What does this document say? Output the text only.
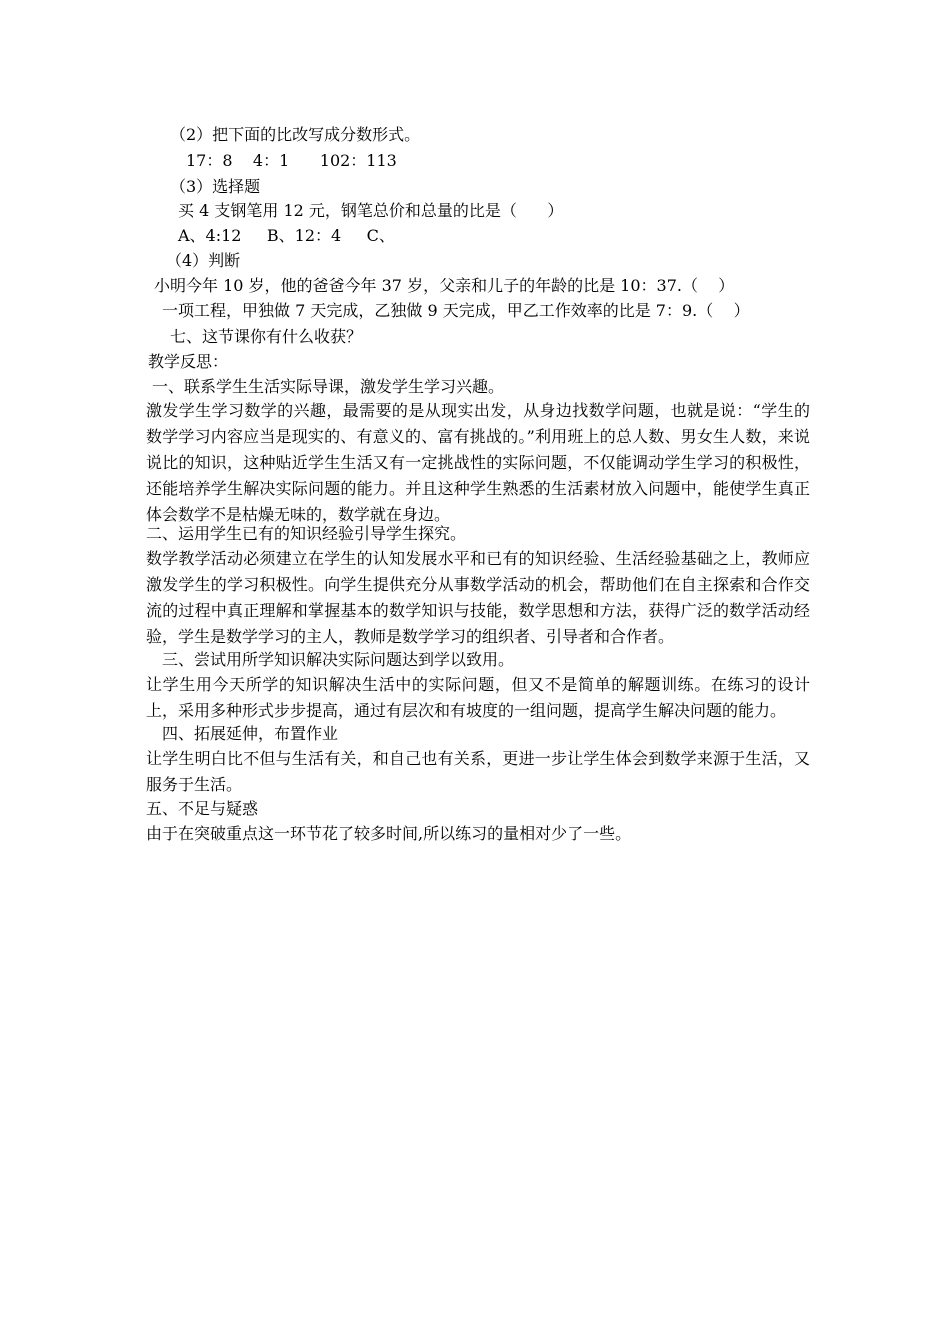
（2）把下面的比改写成分数形式。
17：8    4：1      102：113
（3）选择题
买 4 支钢笔用 12 元，钢笔总价和总量的比是（      ）
A、4:12     B、12：4     C、
（4）判断
小明今年 10 岁，他的爸爸今年 37 岁，父亲和儿子的年龄的比是 10：37.（    ）
一项工程，甲独做 7 天完成，乙独做 9 天完成，甲乙工作效率的比是 7：9.（    ）
七、这节课你有什么收获？
教学反思：
一、联系学生生活实际导课，激发学生学习兴趣。
激发学生学习数学的兴趣，最需要的是从现实出发，从身边找数学问题，也就是说：“学生的数学学习内容应当是现实的、有意义的、富有挑战的。”利用班上的总人数、男女生人数，来说说比的知识，这种贴近学生生活又有一定挑战性的实际问题，不仅能调动学生学习的积极性，还能培养学生解决实际问题的能力。并且这种学生熟悉的生活素材放入问题中，能使学生真正体会数学不是枯燥无味的，数学就在身边。
二、运用学生已有的知识经验引导学生探究。
数学教学活动必须建立在学生的认知发展水平和已有的知识经验、生活经验基础之上，教师应激发学生的学习积极性。向学生提供充分从事数学活动的机会，帮助他们在自主探索和合作交流的过程中真正理解和掌握基本的数学知识与技能，数学思想和方法，获得广泛的数学活动经验，学生是数学学习的主人，教师是数学学习的组织者、引导者和合作者。
三、尝试用所学知识解决实际问题达到学以致用。
让学生用今天所学的知识解决生活中的实际问题，但又不是简单的解题训练。在练习的设计上，采用多种形式步步提高，通过有层次和有坡度的一组问题，提高学生解决问题的能力。
四、拓展延伸，布置作业
让学生明白比不但与生活有关，和自己也有关系，更进一步让学生体会到数学来源于生活，又服务于生活。
五、不足与疑惑
由于在突破重点这一环节花了较多时间,所以练习的量相对少了一些。
